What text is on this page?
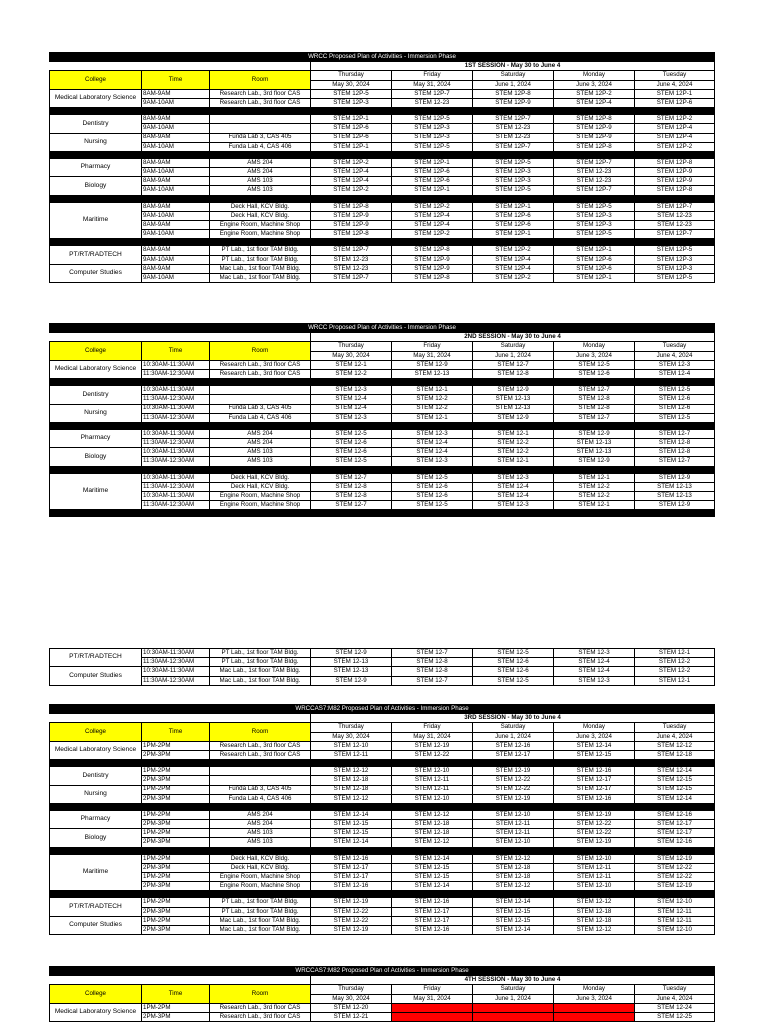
WRCC Proposed Plan of Activities - Immersion Phase							
			1ST SESSION - May 30 to June 4				
College	Time	Room	Thursday	Friday	Saturday	Monday	Tuesday
			May 30, 2024	May 31, 2024	June 1, 2024	June 3, 2024	June 4, 2024
Medical Laboratory Science	8AM-9AM	Research Lab., 3rd floor CAS	STEM 12P-5	STEM 12P-7	STEM 12P-8	STEM 12P-2	STEM 12P-1
	9AM-10AM	Research Lab., 3rd floor CAS	STEM 12P-3	STEM 12-23	STEM 12P-9	STEM 12P-4	STEM 12P-6

Dentistry	8AM-9AM		STEM 12P-1	STEM 12P-5	STEM 12P-7	STEM 12P-8	STEM 12P-2
	9AM-10AM		STEM 12P-6	STEM 12P-3	STEM 12-23	STEM 12P-9	STEM 12P-4
Nursing	8AM-9AM	Funda Lab 3, CAS 405	STEM 12P-6	STEM 12P-3	STEM 12-23	STEM 12P-9	STEM 12P-4
	9AM-10AM	Funda Lab 4, CAS 406	STEM 12P-1	STEM 12P-5	STEM 12P-7	STEM 12P-8	STEM 12P-2

Pharmacy	8AM-9AM	AMS 204	STEM 12P-2	STEM 12P-1	STEM 12P-5	STEM 12P-7	STEM 12P-8
	9AM-10AM	AMS 204	STEM 12P-4	STEM 12P-6	STEM 12P-3	STEM 12-23	STEM 12P-9
Biology	8AM-9AM	AMS 103	STEM 12P-4	STEM 12P-6	STEM 12P-3	STEM 12-23	STEM 12P-9
	9AM-10AM	AMS 103	STEM 12P-2	STEM 12P-1	STEM 12P-5	STEM 12P-7	STEM 12P-8

Maritime	8AM-9AM	Deck Hall, KCV Bldg.	STEM 12P-8	STEM 12P-2	STEM 12P-1	STEM 12P-5	STEM 12P-7
	9AM-10AM	Deck Hall, KCV Bldg.	STEM 12P-9	STEM 12P-4	STEM 12P-6	STEM 12P-3	STEM 12-23
	8AM-9AM	Engine Room, Machine Shop	STEM 12P-9	STEM 12P-4	STEM 12P-6	STEM 12P-3	STEM 12-23
	9AM-10AM	Engine Room, Machine Shop	STEM 12P-8	STEM 12P-2	STEM 12P-1	STEM 12P-5	STEM 12P-7

PT/RT/RADTECH	8AM-9AM	PT Lab., 1st floor TAM Bldg.	STEM 12P-7	STEM 12P-8	STEM 12P-2	STEM 12P-1	STEM 12P-5
	9AM-10AM	PT Lab., 1st floor TAM Bldg.	STEM 12-23	STEM 12P-9	STEM 12P-4	STEM 12P-6	STEM 12P-3
Computer Studies	8AM-9AM	Mac Lab., 1st floor TAM Bldg.	STEM 12-23	STEM 12P-9	STEM 12P-4	STEM 12P-6	STEM 12P-3
	9AM-10AM	Mac Lab., 1st floor TAM Bldg.	STEM 12P-7	STEM 12P-8	STEM 12P-2	STEM 12P-1	STEM 12P-5
WRCC Proposed Plan of Activities - Immersion Phase							
			2ND SESSION - May 30 to June 4				
College	Time	Room	Thursday	Friday	Saturday	Monday	Tuesday
			May 30, 2024	May 31, 2024	June 1, 2024	June 3, 2024	June 4, 2024
Medical Laboratory Science	10:30AM-11:30AM	Research Lab., 3rd floor CAS	STEM 12-1	STEM 12-9	STEM 12-7	STEM 12-5	STEM 12-3
	11:30AM-12:30AM	Research Lab., 3rd floor CAS	STEM 12-2	STEM 12-13	STEM 12-8	STEM 12-6	STEM 12-4

Dentistry	10:30AM-11:30AM		STEM 12-3	STEM 12-1	STEM 12-9	STEM 12-7	STEM 12-5
	11:30AM-12:30AM		STEM 12-4	STEM 12-2	STEM 12-13	STEM 12-8	STEM 12-6
Nursing	10:30AM-11:30AM	Funda Lab 3, CAS 405	STEM 12-4	STEM 12-2	STEM 12-13	STEM 12-8	STEM 12-6
	11:30AM-12:30AM	Funda Lab 4, CAS 406	STEM 12-3	STEM 12-1	STEM 12-9	STEM 12-7	STEM 12-5

Pharmacy	10:30AM-11:30AM	AMS 204	STEM 12-5	STEM 12-3	STEM 12-1	STEM 12-9	STEM 12-7
	11:30AM-12:30AM	AMS 204	STEM 12-6	STEM 12-4	STEM 12-2	STEM 12-13	STEM 12-8
Biology	10:30AM-11:30AM	AMS 103	STEM 12-6	STEM 12-4	STEM 12-2	STEM 12-13	STEM 12-8
	11:30AM-12:30AM	AMS 103	STEM 12-5	STEM 12-3	STEM 12-1	STEM 12-9	STEM 12-7

Maritime	10:30AM-11:30AM	Deck Hall, KCV Bldg.	STEM 12-7	STEM 12-5	STEM 12-3	STEM 12-1	STEM 12-9
	11:30AM-12:30AM	Deck Hall, KCV Bldg.	STEM 12-8	STEM 12-6	STEM 12-4	STEM 12-2	STEM 12-13
	10:30AM-11:30AM	Engine Room, Machine Shop	STEM 12-8	STEM 12-6	STEM 12-4	STEM 12-2	STEM 12-13
	11:30AM-12:30AM	Engine Room, Machine Shop	STEM 12-7	STEM 12-5	STEM 12-3	STEM 12-1	STEM 12-9

PT/RT/RADTECH	10:30AM-11:30AM	PT Lab., 1st floor TAM Bldg.	STEM 12-9	STEM 12-7	STEM 12-5	STEM 12-3	STEM 12-1
	11:30AM-12:30AM	PT Lab., 1st floor TAM Bldg.	STEM 12-13	STEM 12-8	STEM 12-6	STEM 12-4	STEM 12-2
Computer Studies	10:30AM-11:30AM	Mac Lab., 1st floor TAM Bldg.	STEM 12-13	STEM 12-8	STEM 12-6	STEM 12-4	STEM 12-2
	11:30AM-12:30AM	Mac Lab., 1st floor TAM Bldg.	STEM 12-9	STEM 12-7	STEM 12-5	STEM 12-3	STEM 12-1
WRCCAS7:M82 Proposed Plan of Activities - Immersion Phase							
			3RD SESSION - May 30 to June 4				
College	Time	Room	Thursday	Friday	Saturday	Monday	Tuesday
			May 30, 2024	May 31, 2024	June 1, 2024	June 3, 2024	June 4, 2024
Medical Laboratory Science	1PM-2PM	Research Lab., 3rd floor CAS	STEM 12-10	STEM 12-19	STEM 12-16	STEM 12-14	STEM 12-12
	2PM-3PM	Research Lab., 3rd floor CAS	STEM 12-11	STEM 12-22	STEM 12-17	STEM 12-15	STEM 12-18

Dentistry	1PM-2PM		STEM 12-12	STEM 12-10	STEM 12-19	STEM 12-16	STEM 12-14
	2PM-3PM		STEM 12-18	STEM 12-11	STEM 12-22	STEM 12-17	STEM 12-15
Nursing	1PM-2PM	Funda Lab 3, CAS 405	STEM 12-18	STEM 12-11	STEM 12-22	STEM 12-17	STEM 12-15
	2PM-3PM	Funda Lab 4, CAS 406	STEM 12-12	STEM 12-10	STEM 12-19	STEM 12-16	STEM 12-14

Pharmacy	1PM-2PM	AMS 204	STEM 12-14	STEM 12-12	STEM 12-10	STEM 12-19	STEM 12-16
	2PM-3PM	AMS 204	STEM 12-15	STEM 12-18	STEM 12-11	STEM 12-22	STEM 12-17
Biology	1PM-2PM	AMS 103	STEM 12-15	STEM 12-18	STEM 12-11	STEM 12-22	STEM 12-17
	2PM-3PM	AMS 103	STEM 12-14	STEM 12-12	STEM 12-10	STEM 12-19	STEM 12-16

Maritime	1PM-2PM	Deck Hall, KCV Bldg.	STEM 12-16	STEM 12-14	STEM 12-12	STEM 12-10	STEM 12-19
	2PM-3PM	Deck Hall, KCV Bldg.	STEM 12-17	STEM 12-15	STEM 12-18	STEM 12-11	STEM 12-22
	1PM-2PM	Engine Room, Machine Shop	STEM 12-17	STEM 12-15	STEM 12-18	STEM 12-11	STEM 12-22
	2PM-3PM	Engine Room, Machine Shop	STEM 12-16	STEM 12-14	STEM 12-12	STEM 12-10	STEM 12-19

PT/RT/RADTECH	1PM-2PM	PT Lab., 1st floor TAM Bldg.	STEM 12-19	STEM 12-16	STEM 12-14	STEM 12-12	STEM 12-10
	2PM-3PM	PT Lab., 1st floor TAM Bldg.	STEM 12-22	STEM 12-17	STEM 12-15	STEM 12-18	STEM 12-11
Computer Studies	1PM-2PM	Mac Lab., 1st floor TAM Bldg.	STEM 12-22	STEM 12-17	STEM 12-15	STEM 12-18	STEM 12-11
	2PM-3PM	Mac Lab., 1st floor TAM Bldg.	STEM 12-19	STEM 12-16	STEM 12-14	STEM 12-12	STEM 12-10
WRCCAS7:M82 Proposed Plan of Activities - Immersion Phase							
			4TH SESSION - May 30 to June 4				
College	Time	Room	Thursday	Friday	Saturday	Monday	Tuesday
			May 30, 2024	May 31, 2024	June 1, 2024	June 3, 2024	June 4, 2024
Medical Laboratory Science	1PM-2PM	Research Lab., 3rd floor CAS	STEM 12-20				STEM 12-24
	2PM-3PM	Research Lab., 3rd floor CAS	STEM 12-21				STEM 12-25
